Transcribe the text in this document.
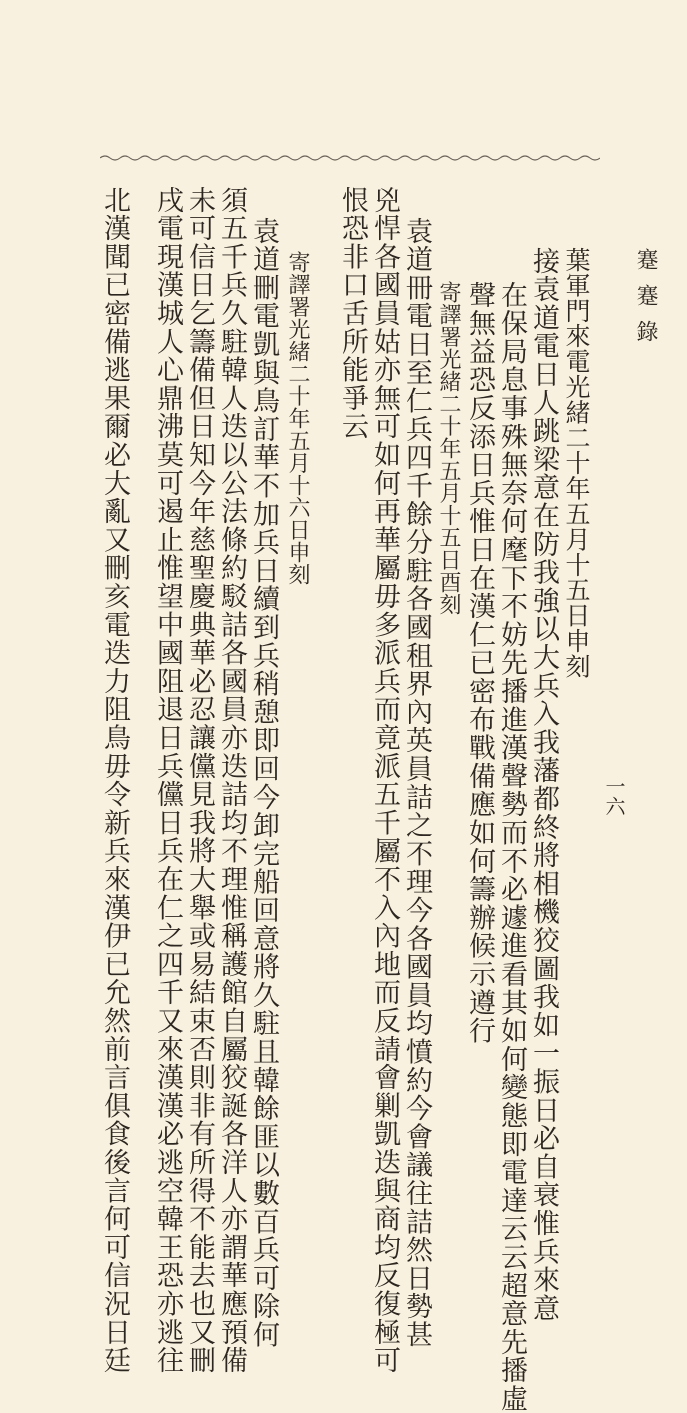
蹇蹇錄
一六
葉軍門來電光緒二十年五月十五日申刻
接袁道電日人跳梁意在防我強以大兵入我藩都終將相機狡圖我如一振日必自衰惟兵來意
在保局息事殊無奈何麾下不妨先播進漢聲勢而不必遽進看其如何變態即電達云云超意先播虛
聲無益恐反添日兵惟日在漢仁已密布戰備應如何籌辦候示遵行
寄譯署光緒二十年五月十五日酉刻
袁道冊電日至仁兵四千餘分駐各國租界內英員詰之不理今各國員均憤約今會議往詰然日勢甚
兇悍各國員姑亦無可如何再華屬毋多派兵而竟派五千屬不入內地而反請會剿凱迭與商均反復極可
恨恐非口舌所能爭云
寄譯署光緒二十年五月十六日申刻
袁道刪電凱與鳥訂華不加兵日續到兵稍憩即回今卸完船回意將久駐且韓餘匪以數百兵可除何
須五千兵久駐韓人迭以公法條約駁詰各國員亦迭詰均不理惟稱護館自屬狡誕各洋人亦謂華應預備
未可信日乞籌備但日知今年慈聖慶典華必忍讓儻見我將大舉或易結束否則非有所得不能去也又刪
戌電現漢城人心鼎沸莫可遏止惟望中國阻退日兵儻日兵在仁之四千又來漢漢必逃空韓王恐亦逃往
北漢聞已密備逃果爾必大亂又刪亥電迭力阻鳥毋令新兵來漢伊已允然前言俱食後言何可信況日廷
